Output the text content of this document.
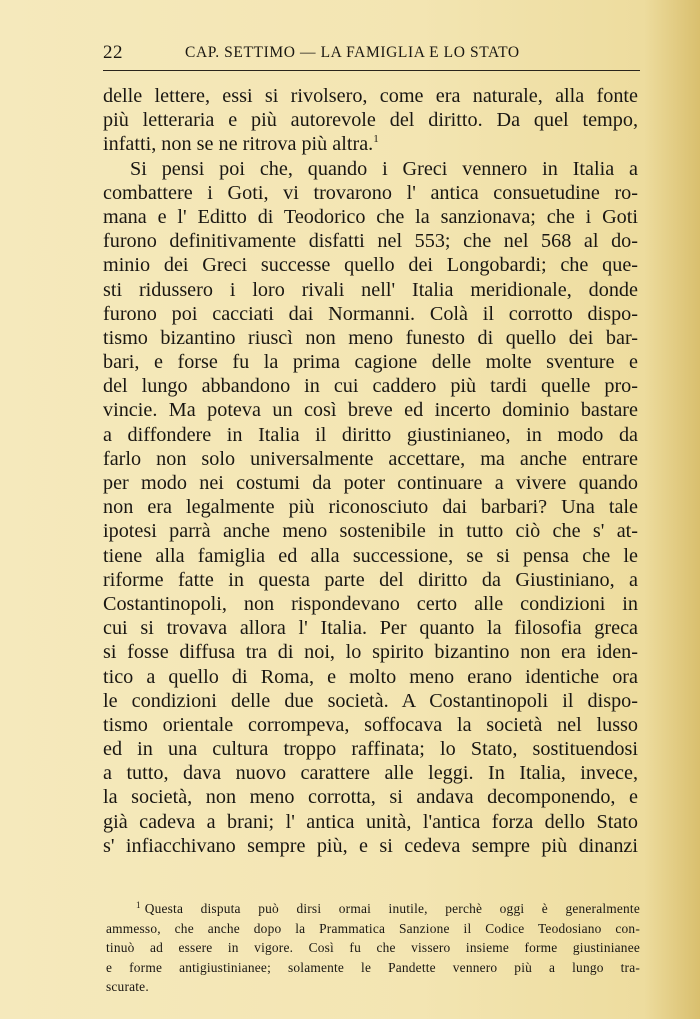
22	CAP. SETTIMO — LA FAMIGLIA E LO STATO
delle lettere, essi si rivolsero, come era naturale, alla fonte
più letteraria e più autorevole del diritto. Da quel tempo,
infatti, non se ne ritrova più altra.$^1$
Si pensi poi che, quando i Greci vennero in Italia a
combattere i Goti, vi trovarono l' antica consuetudine ro-
mana e l' Editto di Teodorico che la sanzionava; che i Goti
furono definitivamente disfatti nel 553; che nel 568 al do-
minio dei Greci successe quello dei Longobardi; che que-
sti ridussero i loro rivali nell' Italia meridionale, donde
furono poi cacciati dai Normanni. Colà il corrotto dispo-
tismo bizantino riuscì non meno funesto di quello dei bar-
bari, e forse fu la prima cagione delle molte sventure e
del lungo abbandono in cui caddero più tardi quelle pro-
vincie. Ma poteva un così breve ed incerto dominio bastare
a diffondere in Italia il diritto giustinianeo, in modo da
farlo non solo universalmente accettare, ma anche entrare
per modo nei costumi da poter continuare a vivere quando
non era legalmente più riconosciuto dai barbari? Una tale
ipotesi parrà anche meno sostenibile in tutto ciò che s' at-
tiene alla famiglia ed alla successione, se si pensa che le
riforme fatte in questa parte del diritto da Giustiniano, a
Costantinopoli, non rispondevano certo alle condizioni in
cui si trovava allora l' Italia. Per quanto la filosofia greca
si fosse diffusa tra di noi, lo spirito bizantino non era iden-
tico a quello di Roma, e molto meno erano identiche ora
le condizioni delle due società. A Costantinopoli il dispo-
tismo orientale corrompeva, soffocava la società nel lusso
ed in una cultura troppo raffinata; lo Stato, sostituendosi
a tutto, dava nuovo carattere alle leggi. In Italia, invece,
la società, non meno corrotta, si andava decomponendo, e
già cadeva a brani; l' antica unità, l'antica forza dello Stato
s' infiacchivano sempre più, e si cedeva sempre più dinanzi
$^1$ Questa disputa può dirsi ormai inutile, perchè oggi è generalmente
ammesso, che anche dopo la Prammatica Sanzione il Codice Teodosiano con-
tinuò ad essere in vigore. Così fu che vissero insieme forme giustinianee
e forme antigiustinianee; solamente le Pandette vennero più a lungo tra-
scurate.
